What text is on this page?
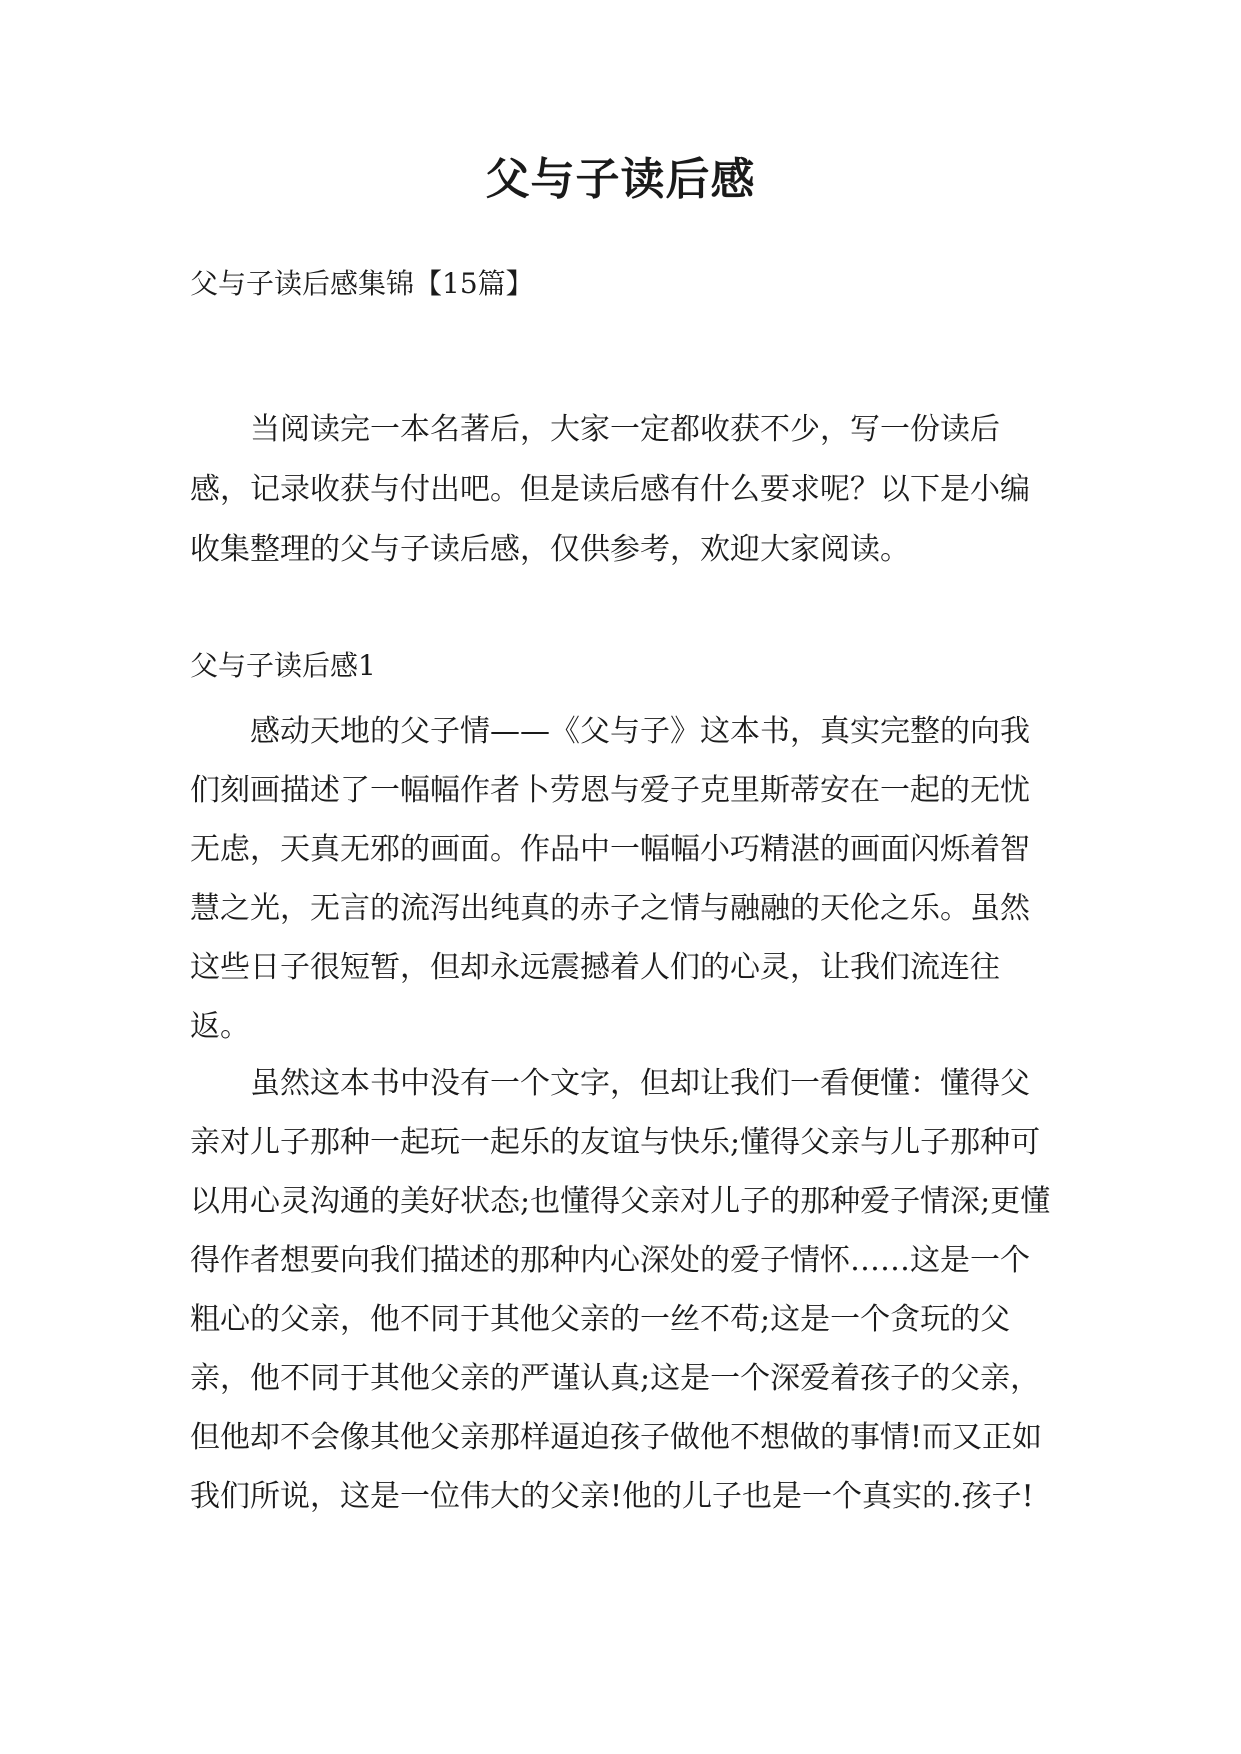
父与子读后感

父与子读后感集锦【15篇】

当阅读完一本名著后，大家一定都收获不少，写一份读后感，记录收获与付出吧。但是读后感有什么要求呢？以下是小编收集整理的父与子读后感，仅供参考，欢迎大家阅读。

父与子读后感1

感动天地的父子情——《父与子》这本书，真实完整的向我们刻画描述了一幅幅作者卜劳恩与爱子克里斯蒂安在一起的无忧无虑，天真无邪的画面。作品中一幅幅小巧精湛的画面闪烁着智慧之光，无言的流泻出纯真的赤子之情与融融的天伦之乐。虽然这些日子很短暂，但却永远震撼着人们的心灵，让我们流连往返。

虽然这本书中没有一个文字，但却让我们一看便懂：懂得父亲对儿子那种一起玩一起乐的友谊与快乐;懂得父亲与儿子那种可以用心灵沟通的美好状态;也懂得父亲对儿子的那种爱子情深;更懂得作者想要向我们描述的那种内心深处的爱子情怀……这是一个粗心的父亲，他不同于其他父亲的一丝不苟;这是一个贪玩的父亲，他不同于其他父亲的严谨认真;这是一个深爱着孩子的父亲，但他却不会像其他父亲那样逼迫孩子做他不想做的事情!而又正如我们所说，这是一位伟大的父亲!他的儿子也是一个真实的.孩子!
